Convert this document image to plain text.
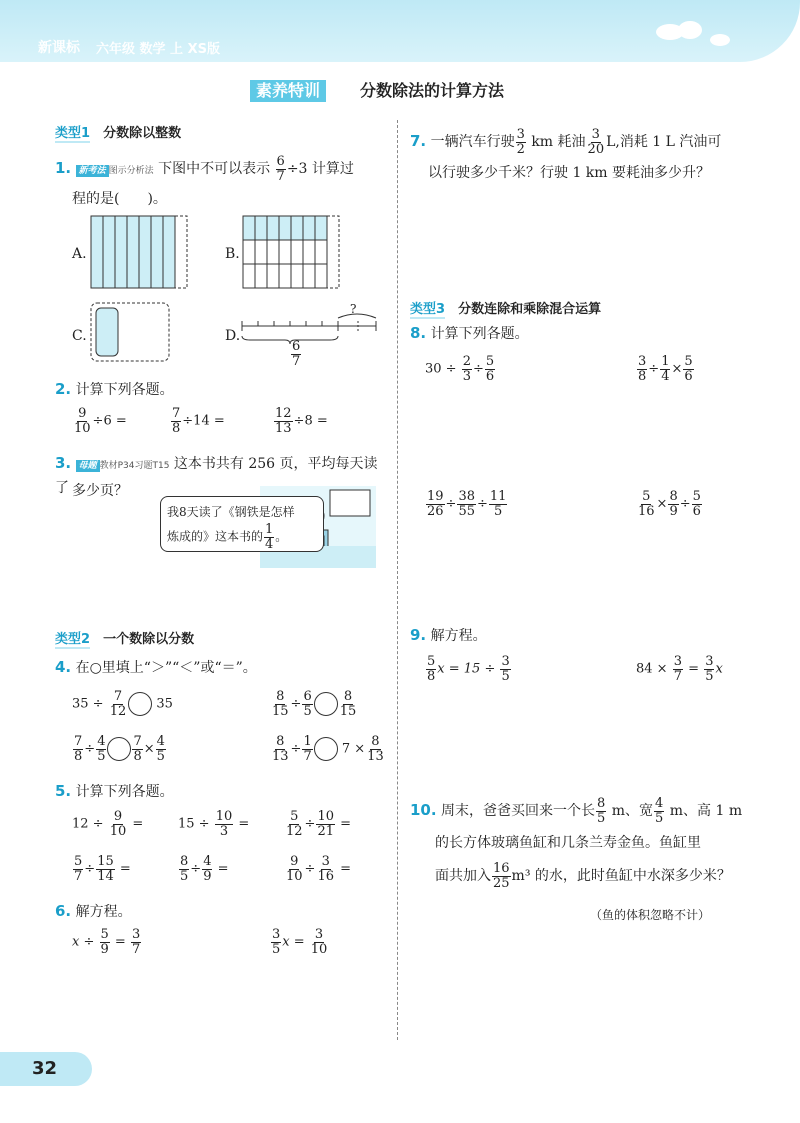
新课标 六年级 数学 上 XS版
素养特训	分数除法的计算方法
类型1 分数除以整数
1. 新考法 图示分析法 下图中不可以表示 $\frac{6}{7} \div 3$ 计算过
程的是(　　)。
A.	B.
C.	D.
?
$\frac{6}{7}$
2. 计算下列各题。
$\frac{9}{10} \div 6$ =	$\frac{7}{8} \div 14$ =	$\frac{12}{13} \div 8$ =
3. 母题 教材P34习题T15 这本书共有 256 页，平均每天读了 多少页？
我8天读了《钢铁是怎样
炼成的》这本书的 $\frac{1}{4}$ 。
类型2 一个数除以分数
4. 在○里填上“＞”“＜”或“＝”。
$35 \div \frac{7}{12} 35$	$\frac{8}{15} \div \frac{6}{5} \frac{8}{15}$
$\frac{7}{8} \div \frac{4}{5} \frac{7}{8} \times \frac{4}{5}$	$\frac{8}{13} \div \frac{1}{7} 7 \times \frac{8}{13}$
5. 计算下列各题。
$12 \div \frac{9}{10}$ =	$15 \div \frac{10}{3}$ =	$\frac{5}{12} \div \frac{10}{21}$ =
$\frac{5}{7} \div \frac{15}{14}$ =	$\frac{8}{5} \div \frac{4}{9}$ =	$\frac{9}{10} \div \frac{3}{16}$ =
6. 解方程。
$x \div \frac{5}{9} = \frac{3}{7}$	$\frac{3}{5}$ $x = \frac{3}{10}$
7. 一辆汽车行驶 $\frac{3}{2}$ km 耗油 $\frac{3}{20} L$,消耗 1 L 汽油可
以行驶多少千米？行驶 1 km 要耗油多少升？
类型3 分数连除和乘除混合运算
8. 计算下列各题。
$30 \div \frac{2}{3} \div \frac{5}{6}$	$\frac{3}{8} \div \frac{1}{4} \times \frac{5}{6}$
$\frac{19}{26} \div \frac{38}{55} \div \frac{11}{5}$	$\frac{5}{16} \times \frac{8}{9} \div \frac{5}{6}$
9. 解方程。
$\frac{5}{8}$ $x = 15 \div \frac{3}{5}$	$84 \times \frac{3}{7} = \frac{3}{5}$ x
10. 周末，爸爸买回来一个长 $\frac{8}{5}$ m、宽 $\frac{4}{5}$ m、高 1 m
的长方体玻璃鱼缸和几条兰寿金鱼。鱼缸里
面共加入 $\frac{16}{25} m^3$ 的水，此时鱼缸中水深多少米？
（鱼的体积忽略不计）
32
